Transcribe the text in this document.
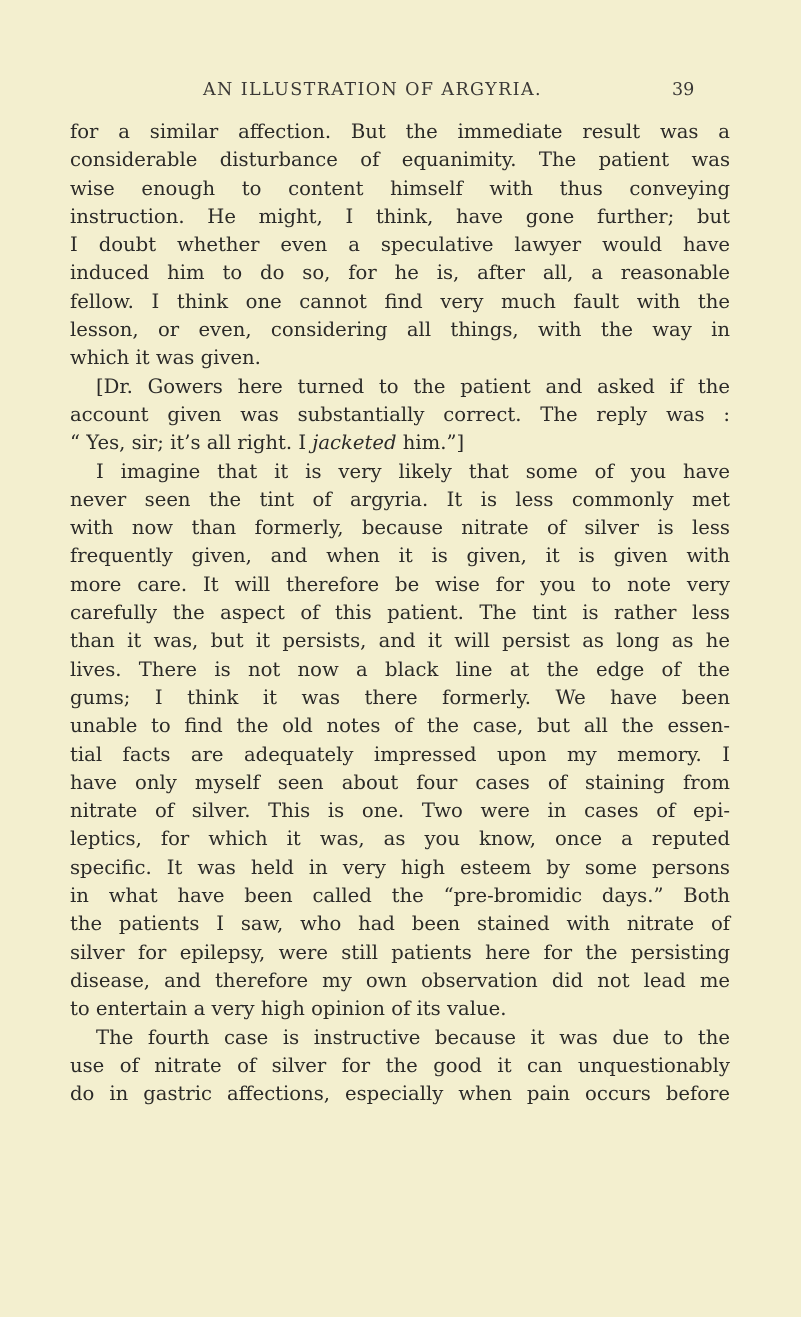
AN ILLUSTRATION OF ARGYRIA.	39
for a similar affection. But the immediate result was a
considerable disturbance of equanimity. The patient was
wise enough to content himself with thus conveying
instruction. He might, I think, have gone further; but
I doubt whether even a speculative lawyer would have
induced him to do so, for he is, after all, a reasonable
fellow. I think one cannot find very much fault with the
lesson, or even, considering all things, with the way in
which it was given.
[Dr. Gowers here turned to the patient and asked if the
account given was substantially correct. The reply was :
“ Yes, sir; it’s all right. I jacketed him.”]
I imagine that it is very likely that some of you have
never seen the tint of argyria. It is less commonly met
with now than formerly, because nitrate of silver is less
frequently given, and when it is given, it is given with
more care. It will therefore be wise for you to note very
carefully the aspect of this patient. The tint is rather less
than it was, but it persists, and it will persist as long as he
lives. There is not now a black line at the edge of the
gums; I think it was there formerly. We have been
unable to find the old notes of the case, but all the essen-
tial facts are adequately impressed upon my memory. I
have only myself seen about four cases of staining from
nitrate of silver. This is one. Two were in cases of epi-
leptics, for which it was, as you know, once a reputed
specific. It was held in very high esteem by some persons
in what have been called the “pre-bromidic days.” Both
the patients I saw, who had been stained with nitrate of
silver for epilepsy, were still patients here for the persisting
disease, and therefore my own observation did not lead me
to entertain a very high opinion of its value.
The fourth case is instructive because it was due to the
use of nitrate of silver for the good it can unquestionably
do in gastric affections, especially when pain occurs before
